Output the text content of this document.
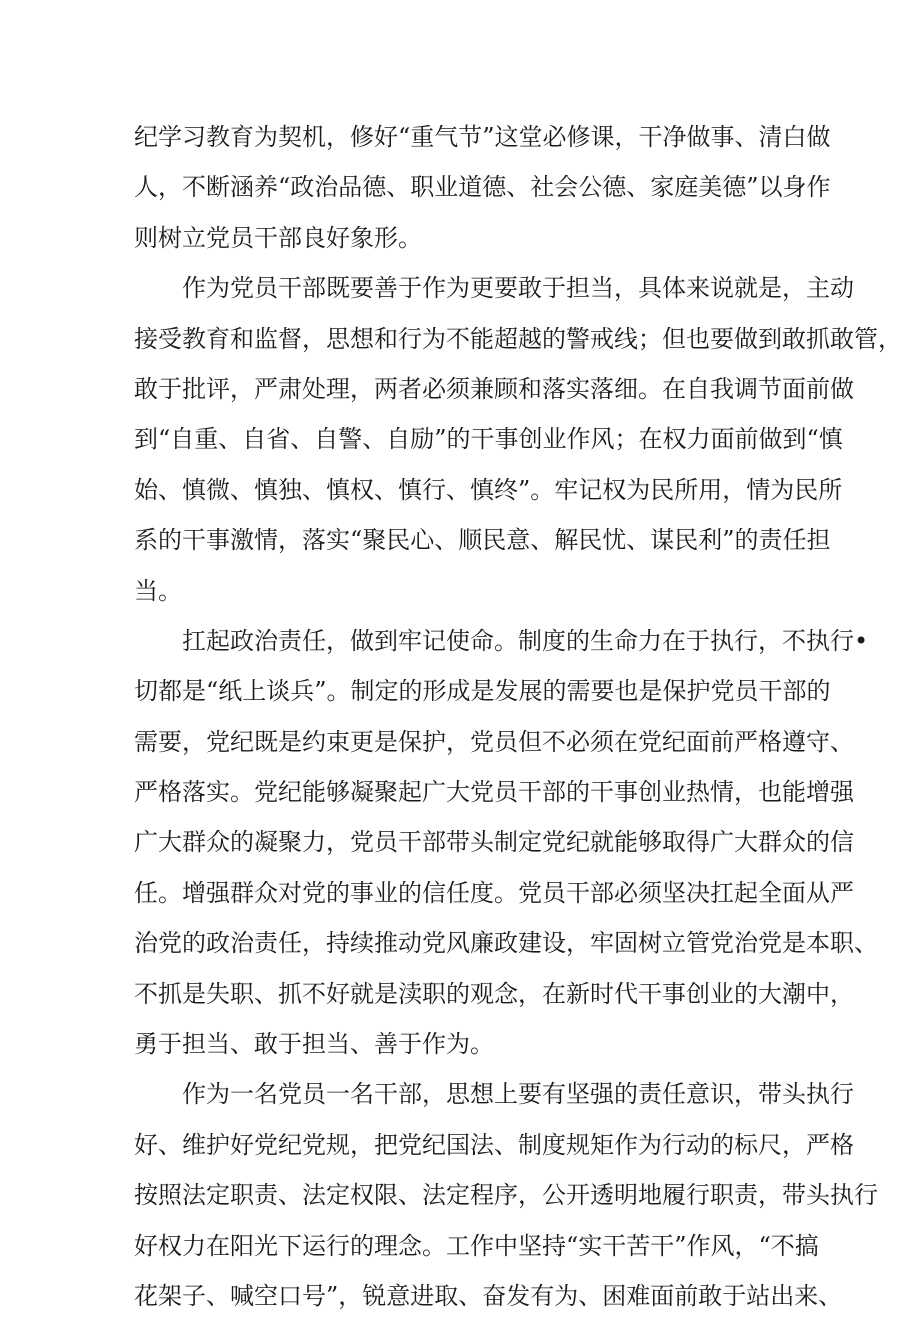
纪学习教育为契机，修好“重气节”这堂必修课，干净做事、清白做
人，不断涵养“政治品德、职业道德、社会公德、家庭美德”以身作
则树立党员干部良好象形。
作为党员干部既要善于作为更要敢于担当，具体来说就是，主动
接受教育和监督，思想和行为不能超越的警戒线；但也要做到敢抓敢管，
敢于批评，严肃处理，两者必须兼顾和落实落细。在自我调节面前做
到“自重、自省、自警、自励”的干事创业作风；在权力面前做到“慎
始、慎微、慎独、慎权、慎行、慎终”。牢记权为民所用，情为民所
系的干事激情，落实“聚民心、顺民意、解民忧、谋民利”的责任担
当。
扛起政治责任，做到牢记使命。制度的生命力在于执行，不执行•
切都是“纸上谈兵”。制定的形成是发展的需要也是保护党员干部的
需要，党纪既是约束更是保护，党员但不必须在党纪面前严格遵守、
严格落实。党纪能够凝聚起广大党员干部的干事创业热情，也能增强
广大群众的凝聚力，党员干部带头制定党纪就能够取得广大群众的信
任。增强群众对党的事业的信任度。党员干部必须坚决扛起全面从严
治党的政治责任，持续推动党风廉政建设，牢固树立管党治党是本职、
不抓是失职、抓不好就是渎职的观念，在新时代干事创业的大潮中，
勇于担当、敢于担当、善于作为。
作为一名党员一名干部，思想上要有坚强的责任意识，带头执行
好、维护好党纪党规，把党纪国法、制度规矩作为行动的标尺，严格
按照法定职责、法定权限、法定程序，公开透明地履行职责，带头执行
好权力在阳光下运行的理念。工作中坚持“实干苦干”作风，“不搞
花架子、喊空口号”，锐意进取、奋发有为、困难面前敢于站出来、
